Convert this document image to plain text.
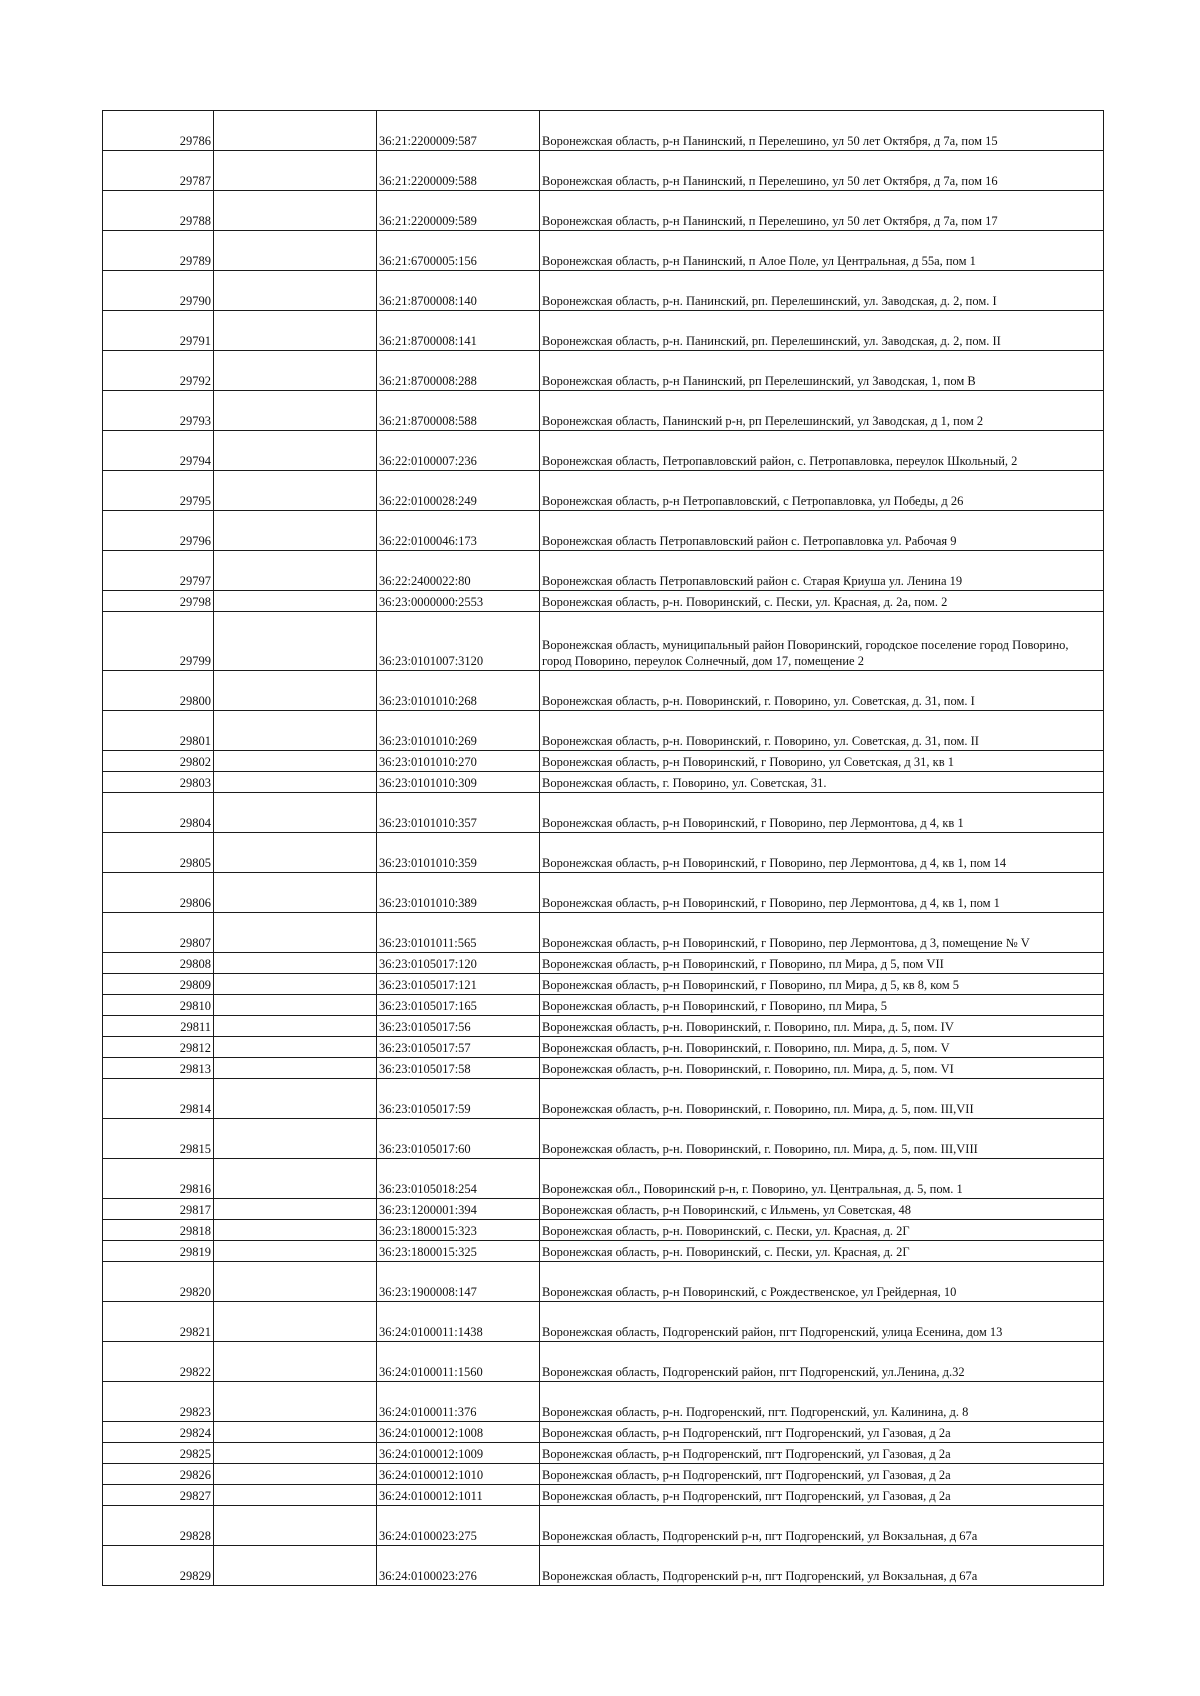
29786		36:21:2200009:587	Воронежская область, р-н Панинский, п Перелешино, ул 50 лет Октября, д 7а, пом 15
29787		36:21:2200009:588	Воронежская область, р-н Панинский, п Перелешино, ул 50 лет Октября, д 7а, пом 16
29788		36:21:2200009:589	Воронежская область, р-н Панинский, п Перелешино, ул 50 лет Октября, д 7а, пом 17
29789		36:21:6700005:156	Воронежская область, р-н Панинский, п Алое Поле, ул Центральная, д 55а, пом 1
29790		36:21:8700008:140	Воронежская область, р-н. Панинский, рп. Перелешинский, ул. Заводская, д. 2, пом. I
29791		36:21:8700008:141	Воронежская область, р-н. Панинский, рп. Перелешинский, ул. Заводская, д. 2, пом. II
29792		36:21:8700008:288	Воронежская область, р-н Панинский, рп Перелешинский, ул Заводская, 1, пом В
29793		36:21:8700008:588	Воронежская область, Панинский р-н, рп Перелешинский, ул Заводская, д 1, пом 2
29794		36:22:0100007:236	Воронежская область, Петропавловский район, с. Петропавловка, переулок Школьный, 2
29795		36:22:0100028:249	Воронежская область, р-н Петропавловский, с Петропавловка, ул Победы, д 26
29796		36:22:0100046:173	Воронежская область Петропавловский район с. Петропавловка ул. Рабочая 9
29797		36:22:2400022:80	Воронежская область Петропавловский район с. Старая Криуша ул. Ленина 19
29798		36:23:0000000:2553	Воронежская область, р-н. Поворинский, с. Пески, ул. Красная, д. 2а, пом. 2
29799		36:23:0101007:3120	Воронежская область, муниципальный район Поворинский, городское поселение город Поворино, город Поворино, переулок Солнечный, дом 17, помещение 2
29800		36:23:0101010:268	Воронежская область, р-н. Поворинский, г. Поворино, ул. Советская, д. 31, пом. I
29801		36:23:0101010:269	Воронежская область, р-н. Поворинский, г. Поворино, ул. Советская, д. 31, пом. II
29802		36:23:0101010:270	Воронежская область, р-н Поворинский, г Поворино, ул Советская, д 31, кв 1
29803		36:23:0101010:309	Воронежская область, г. Поворино, ул. Советская, 31.
29804		36:23:0101010:357	Воронежская область, р-н Поворинский, г Поворино, пер Лермонтова, д 4, кв 1
29805		36:23:0101010:359	Воронежская область, р-н Поворинский, г Поворино, пер Лермонтова, д 4, кв 1, пом 14
29806		36:23:0101010:389	Воронежская область, р-н Поворинский, г Поворино, пер Лермонтова, д 4, кв 1, пом 1
29807		36:23:0101011:565	Воронежская область, р-н Поворинский, г Поворино, пер Лермонтова, д 3, помещение № V
29808		36:23:0105017:120	Воронежская область, р-н Поворинский, г Поворино, пл Мира, д 5, пом VII
29809		36:23:0105017:121	Воронежская область, р-н Поворинский, г Поворино, пл Мира, д 5, кв 8, ком 5
29810		36:23:0105017:165	Воронежская область, р-н Поворинский, г Поворино, пл Мира, 5
29811		36:23:0105017:56	Воронежская область, р-н. Поворинский, г. Поворино, пл. Мира, д. 5, пом. IV
29812		36:23:0105017:57	Воронежская область, р-н. Поворинский, г. Поворино, пл. Мира, д. 5, пом. V
29813		36:23:0105017:58	Воронежская область, р-н. Поворинский, г. Поворино, пл. Мира, д. 5, пом. VI
29814		36:23:0105017:59	Воронежская область, р-н. Поворинский, г. Поворино, пл. Мира, д. 5, пом. III,VII
29815		36:23:0105017:60	Воронежская область, р-н. Поворинский, г. Поворино, пл. Мира, д. 5, пом. III,VIII
29816		36:23:0105018:254	Воронежская обл., Поворинский р-н, г. Поворино, ул. Центральная, д. 5, пом. 1
29817		36:23:1200001:394	Воронежская область, р-н Поворинский, с Ильмень, ул Советская, 48
29818		36:23:1800015:323	Воронежская область, р-н. Поворинский, с. Пески, ул. Красная, д. 2Г
29819		36:23:1800015:325	Воронежская область, р-н. Поворинский, с. Пески, ул. Красная, д. 2Г
29820		36:23:1900008:147	Воронежская область, р-н Поворинский, с Рождественское, ул Грейдерная, 10
29821		36:24:0100011:1438	Воронежская область, Подгоренский район, пгт Подгоренский, улица Есенина, дом 13
29822		36:24:0100011:1560	Воронежская область, Подгоренский район, пгт Подгоренский, ул.Ленина, д.32
29823		36:24:0100011:376	Воронежская область, р-н. Подгоренский, пгт. Подгоренский, ул. Калинина, д. 8
29824		36:24:0100012:1008	Воронежская область, р-н Подгоренский, пгт Подгоренский, ул Газовая, д 2а
29825		36:24:0100012:1009	Воронежская область, р-н Подгоренский, пгт Подгоренский, ул Газовая, д 2а
29826		36:24:0100012:1010	Воронежская область, р-н Подгоренский, пгт Подгоренский, ул Газовая, д 2а
29827		36:24:0100012:1011	Воронежская область, р-н Подгоренский, пгт Подгоренский, ул Газовая, д 2а
29828		36:24:0100023:275	Воронежская область, Подгоренский р-н, пгт Подгоренский, ул Вокзальная, д 67а
29829		36:24:0100023:276	Воронежская область, Подгоренский р-н, пгт Подгоренский, ул Вокзальная, д 67а
